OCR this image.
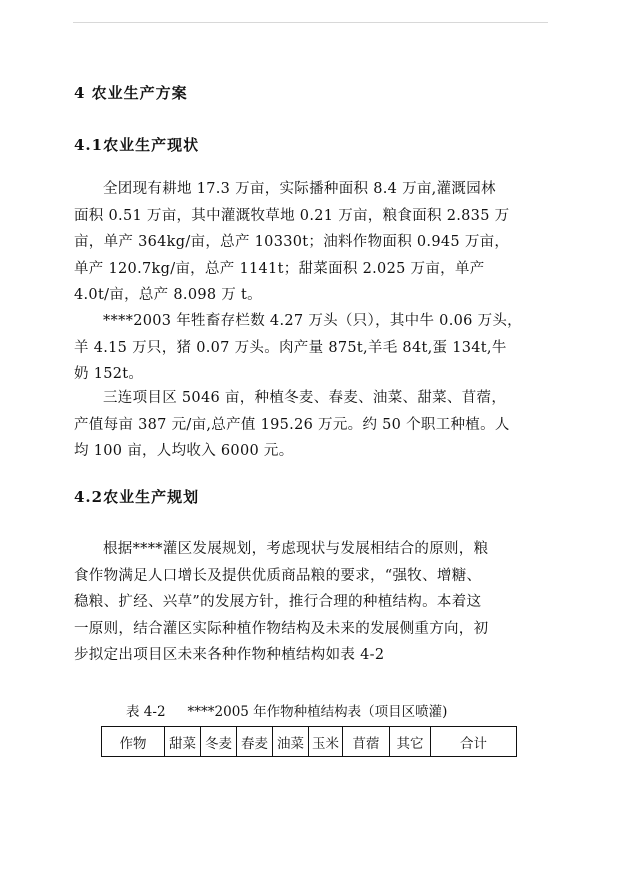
4 农业生产方案
4.1农业生产现状
全团现有耕地 17.3 万亩，实际播种面积 8.4 万亩,灌溉园林
面积 0.51 万亩，其中灌溉牧草地 0.21 万亩，粮食面积 2.835 万
亩，单产 364kg/亩，总产 10330t；油料作物面积 0.945 万亩，
单产 120.7kg/亩，总产 1141t；甜菜面积 2.025 万亩，单产
4.0t/亩，总产 8.098 万 t。
****2003 年牲畜存栏数 4.27 万头（只），其中牛 0.06 万头，
羊 4.15 万只，猪 0.07 万头。肉产量 875t,羊毛 84t,蛋 134t,牛
奶 152t。
三连项目区 5046 亩，种植冬麦、春麦、油菜、甜菜、苜蓿，
产值每亩 387 元/亩,总产值 195.26 万元。约 50 个职工种植。人
均 100 亩，人均收入 6000 元。
4.2农业生产规划
根据****灌区发展规划，考虑现状与发展相结合的原则，粮
食作物满足人口增长及提供优质商品粮的要求，“强牧、增糖、
稳粮、扩经、兴草”的发展方针，推行合理的种植结构。本着这
一原则，结合灌区实际种植作物结构及未来的发展侧重方向，初
步拟定出项目区未来各种作物种植结构如表 4-2
表 4-2 ****2005 年作物种植结构表（项目区喷灌)
作物	甜菜	冬麦	春麦	油菜	玉米	苜蓿	其它	合计
